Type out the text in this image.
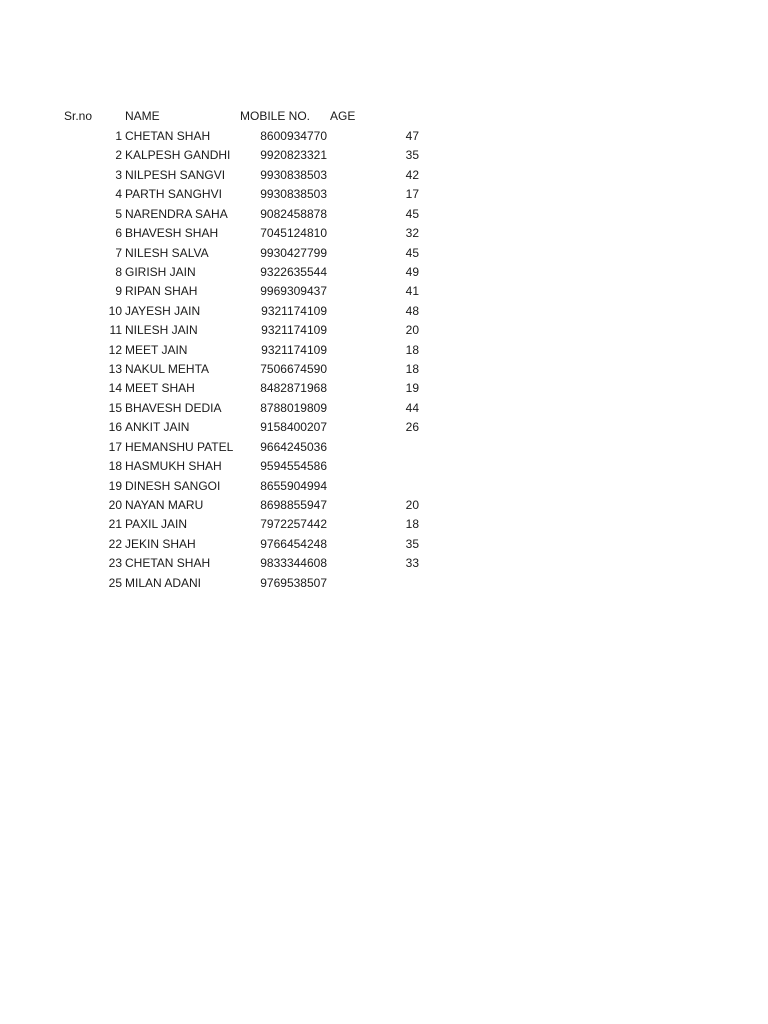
Sr.no	NAME	MOBILE NO. AGE
1 CHETAN SHAH	8600934770	47
2 KALPESH GANDHI 9920823321	35
3 NILPESH SANGVI	9930838503	42
4 PARTH SANGHVI	9930838503	17
5 NARENDRA SAHA	9082458878	45
6 BHAVESH SHAH	7045124810	32
7 NILESH SALVA	9930427799	45
8 GIRISH JAIN	9322635544	49
9 RIPAN SHAH	9969309437	41
10 JAYESH JAIN	9321174109	48
11 NILESH JAIN	9321174109	20
12 MEET JAIN	9321174109	18
13 NAKUL MEHTA	7506674590	18
14 MEET SHAH	8482871968	19
15 BHAVESH DEDIA	8788019809	44
16 ANKIT JAIN	9158400207	26
17 HEMANSHU PATEL 9664245036
18 HASMUKH SHAH	9594554586
19 DINESH SANGOI	8655904994
20 NAYAN MARU	8698855947	20
21 PAXIL JAIN	7972257442	18
22 JEKIN SHAH	9766454248	35
23 CHETAN SHAH	9833344608	33
25 MILAN ADANI	9769538507
